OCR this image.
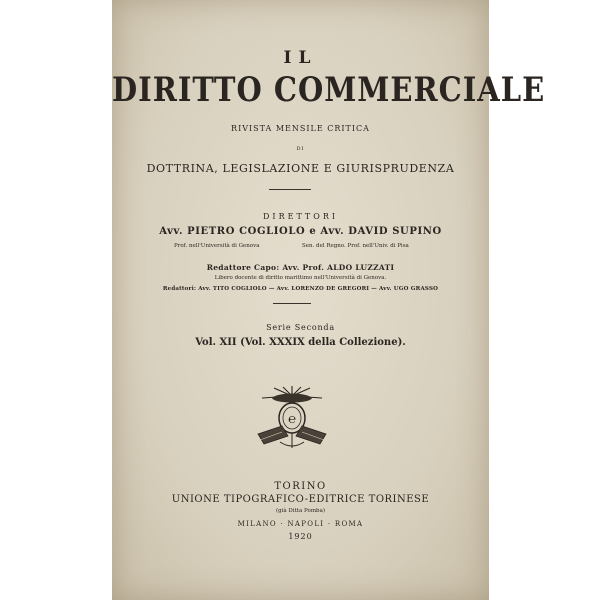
IL
DIRITTO COMMERCIALE
RIVISTA MENSILE CRITICA
DI
DOTTRINA, LEGISLAZIONE E GIURISPRUDENZA
DIRETTORI
Avv. PIETRO COGLIOLO e Avv. DAVID SUPINO
Prof. nell'Università di Genova	Sen. del Regno. Prof. nell'Univ. di Pisa
Redattore Capo: Avv. Prof. ALDO LUZZATI
Libero docente di diritto marittimo nell'Università di Genova.
Redattori: Avv. TITO COGLIOLO — Avv. LORENZO DE GREGORI — Avv. UGO GRASSO
Serie Seconda
Vol. XII (Vol. XXXIX della Collezione).
℮
TORINO
UNIONE TIPOGRAFICO-EDITRICE TORINESE
(già Ditta Pomba)
MILANO · NAPOLI · ROMA
1920
